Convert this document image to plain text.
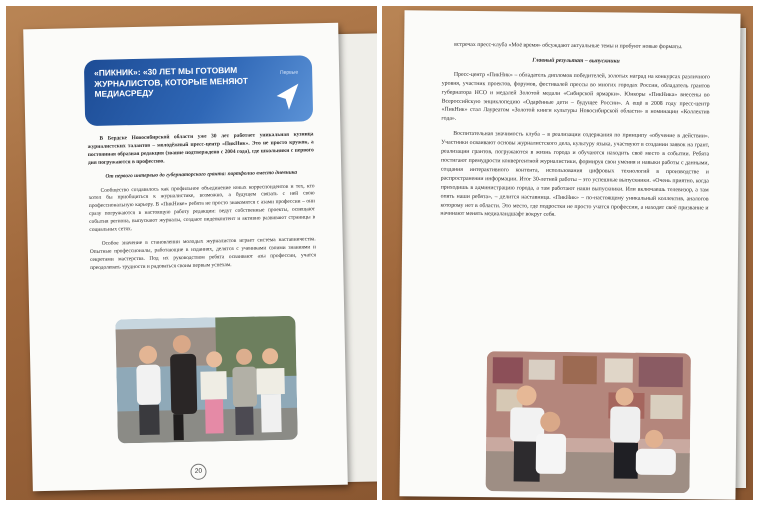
«ПИКНИК»: «30 ЛЕТ МЫ ГОТОВИМ ЖУРНАЛИСТОВ, КОТОРЫЕ МЕНЯЮТ МЕДИАСРЕДУ
Первые

В Бердске Новосибирской области уже 30 лет работает уникальная кузница журналистских талантов – молодёжный пресс-центр «ПикНик». Это не просто кружок, а постоянная образная редакция (звание подтверждено с 2004 года), где школьники с первого дня погружаются в профессию.

От первого интервью до губернаторского гранта: портфолио вместо дневника

Сообщество создавалось как профильное объединение юных корреспондентов и тех, кто хотел бы приобщиться к журналистике, возможно, а будущем связать с ней свою профессиональную карьеру. В «ПикНике» ребята не просто знакомятся с азами профессии – они сразу погружаются в настоящую работу редакции: ведут собственные проекты, освещают события региона, выпускают журналы, создают видеоконтент и активно развивают страницы в социальных сетях.

Особое значение в становлении молодых журналистов играет система наставничества. Опытные профессионалы, работающие в изданиях, делятся с учениками своими знаниями и секретами мастерства. Под их руководством ребята осваивают азы профессии, учатся преодолевать трудности и радоваться своим первым успехам.

20

встречах пресс-клуба «Моё время» обсуждают актуальные темы и пробуют новые форматы.

Главный результат – выпускники

Пресс-центр «ПикНик» – обладатель дипломов победителей, золотых наград на конкурсах различного уровня, участник проектов, форумов, фестивалей прессы во многих городах России, обладатель грантов губернатора НСО и медалей Золотой медали «Сибирской ярмарки». Юнкоры «ПикНика» внесены во Всероссийскую энциклопедию «Одарённые дети – будущее России». А ещё в 2008 году пресс-центр «ПикНик» стал Лауреатом «Золотой книги культуры Новосибирской области» в номинации «Коллектив года».

Воспитательная значимость клуба – в реализации содержания по принципу «обучение в действии». Участники осваивают основы журналистского дела, культуру языка, участвуют в создании заявок на грант, реализации грантов, погружаются в жизнь города и обучаются находить своё место в событии. Ребята постигают премудрости конвергентной журналистики, формируя свои умения и навыки работы с данными, создания интерактивного контента, использования цифровых технологий в производстве и распространении информации. Итог 30-летней работы – это успешные выпускники. «Очень приятно, когда приходишь в администрацию города, а там работают наши выпускники. Или включаешь телевизор, а там опять наши ребята», – делится наставница. «ПикНик» – по-настоящему уникальный коллектив, аналогов которому нет в области. Это место, где подростки не просто учатся профессии, а находят своё призвание и начинают менять медиаландшафт вокруг себя.
